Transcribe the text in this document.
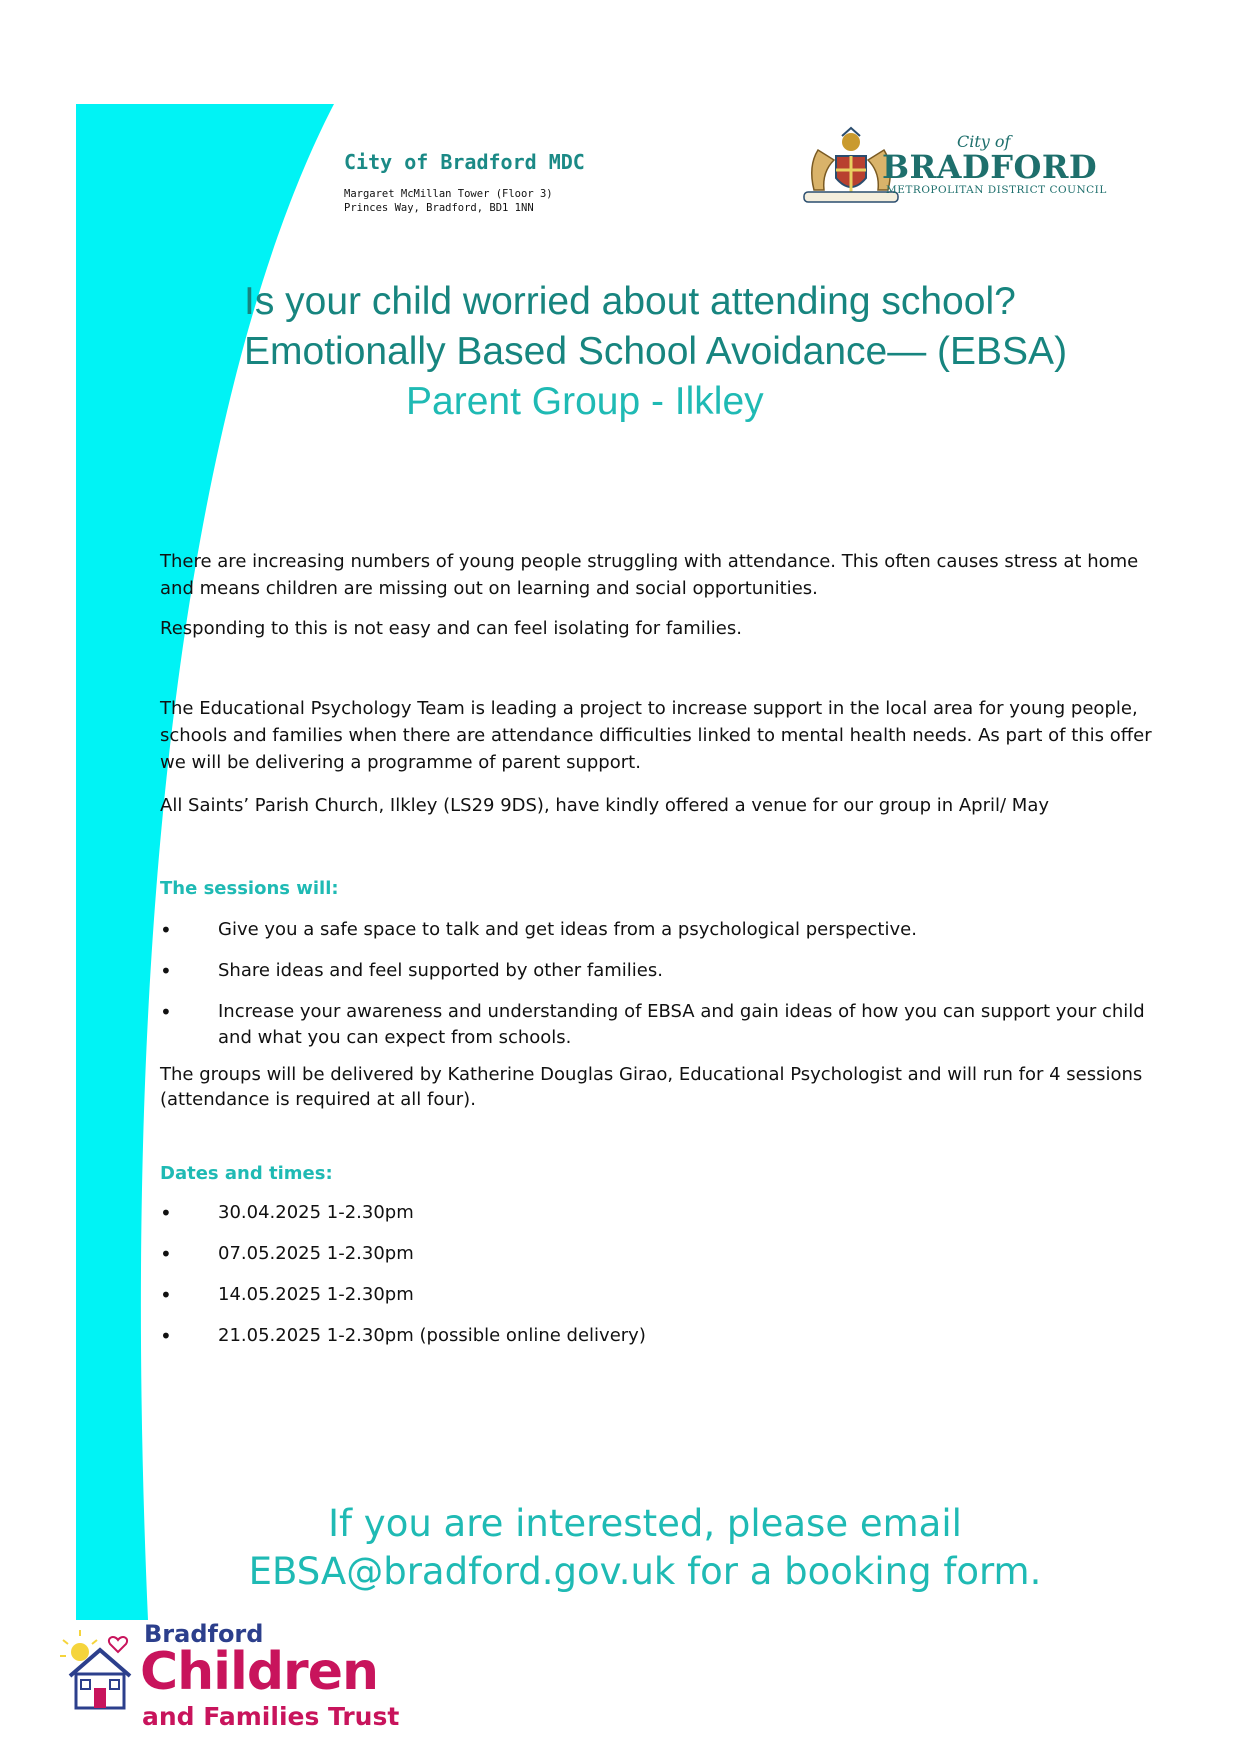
City of Bradford MDC
Margaret McMillan Tower (Floor 3)
Princes Way, Bradford, BD1 1NN
City of
BRADFORD
METROPOLITAN DISTRICT COUNCIL
Is your child worried about attending school?
Emotionally Based School Avoidance— (EBSA)
Parent Group - Ilkley
There are increasing numbers of young people struggling with attendance. This often causes stress at home and means children are missing out on learning and social opportunities.
Responding to this is not easy and can feel isolating for families.
The Educational Psychology Team is leading a project to increase support in the local area for young people, schools and families when there are attendance difficulties linked to mental health needs. As part of this offer we will be delivering a programme of parent support.
All Saints’ Parish Church, Ilkley (LS29 9DS), have kindly offered a venue for our group in April/ May
The sessions will:
•	Give you a safe space to talk and get ideas from a psychological perspective.
•	Share ideas and feel supported by other families.
•	Increase your awareness and understanding of EBSA and gain ideas of how you can support your child and what you can expect from schools.
The groups will be delivered by Katherine Douglas Girao, Educational Psychologist and will run for 4 sessions (attendance is required at all four).
Dates and times:
•	30.04.2025 1-2.30pm
•	07.05.2025 1-2.30pm
•	14.05.2025 1-2.30pm
•	21.05.2025 1-2.30pm (possible online delivery)
If you are interested, please email
EBSA@bradford.gov.uk for a booking form.
Bradford
Children
and Families Trust
